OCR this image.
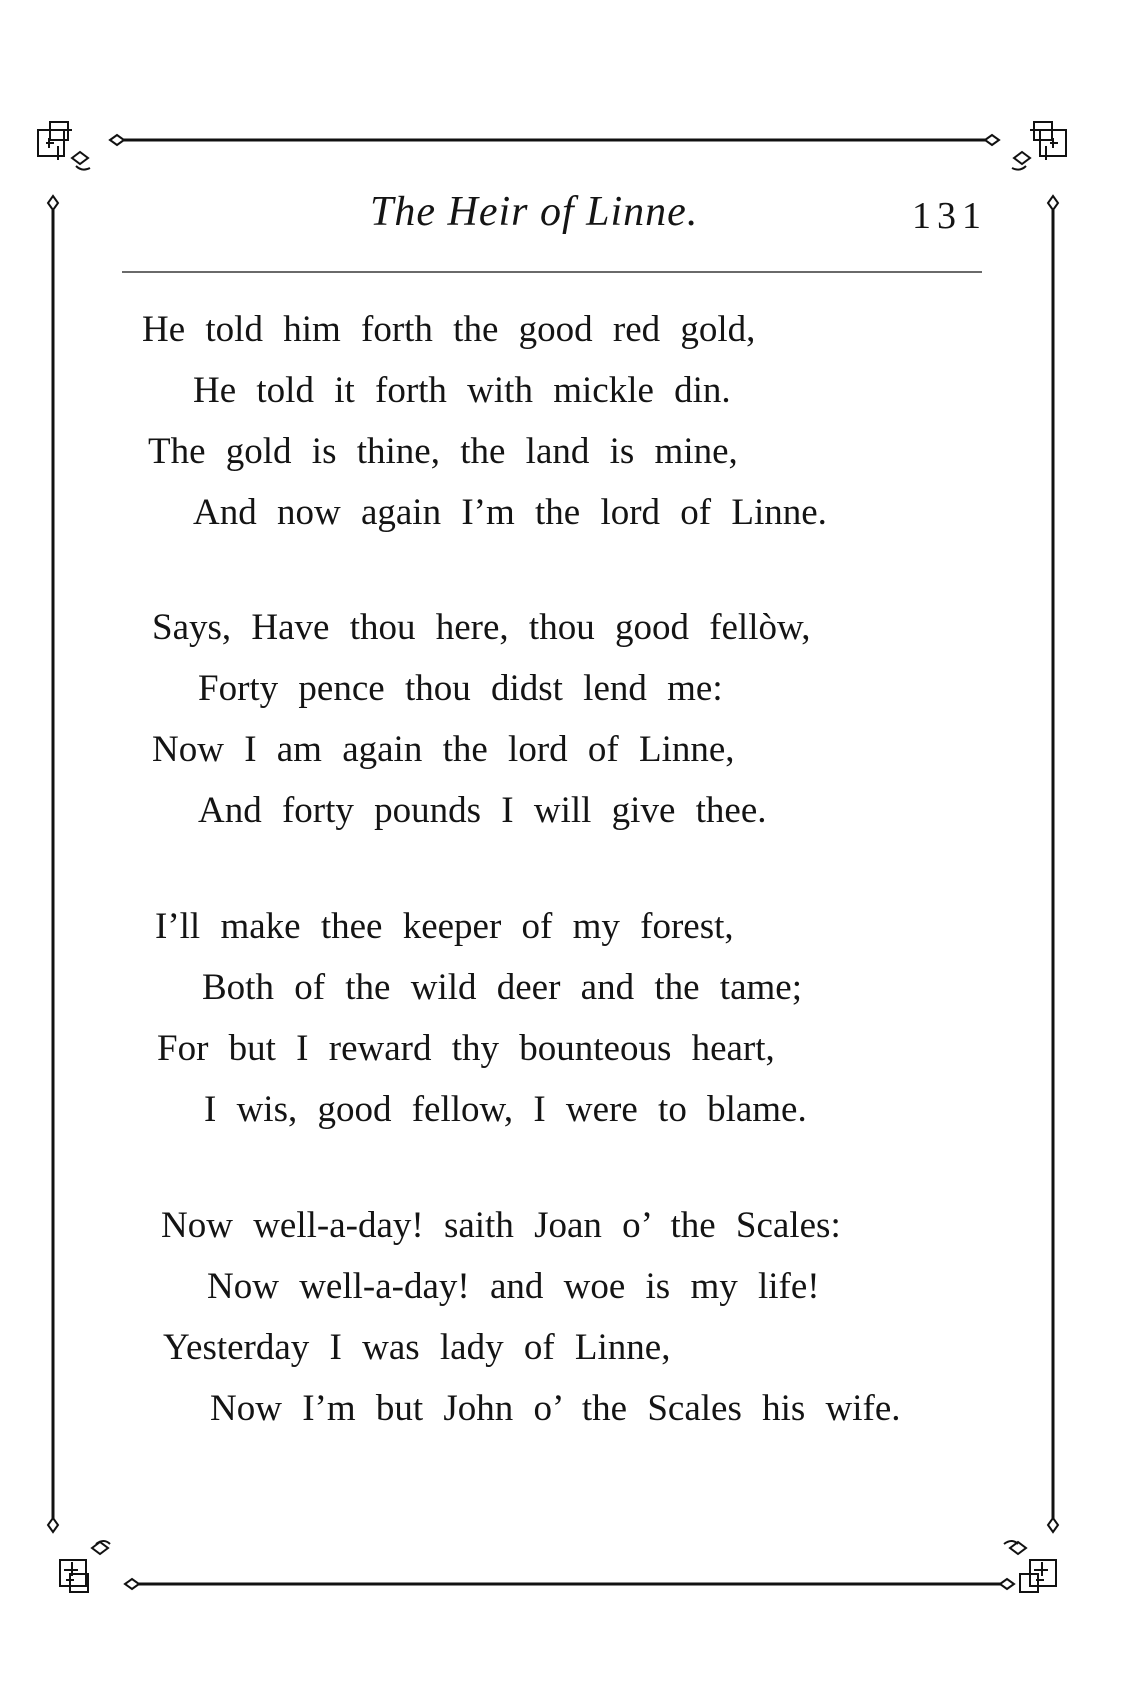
The Heir of Linne.	131
He told him forth the good red gold,
He told it forth with mickle din.
The gold is thine, the land is mine,
And now again I’m the lord of Linne.
Says, Have thou here, thou good fellòw,
Forty pence thou didst lend me:
Now I am again the lord of Linne,
And forty pounds I will give thee.
I’ll make thee keeper of my forest,
Both of the wild deer and the tame;
For but I reward thy bounteous heart,
I wis, good fellow, I were to blame.
Now well-a-day! saith Joan o’ the Scales:
Now well-a-day! and woe is my life!
Yesterday I was lady of Linne,
Now I’m but John o’ the Scales his wife.
